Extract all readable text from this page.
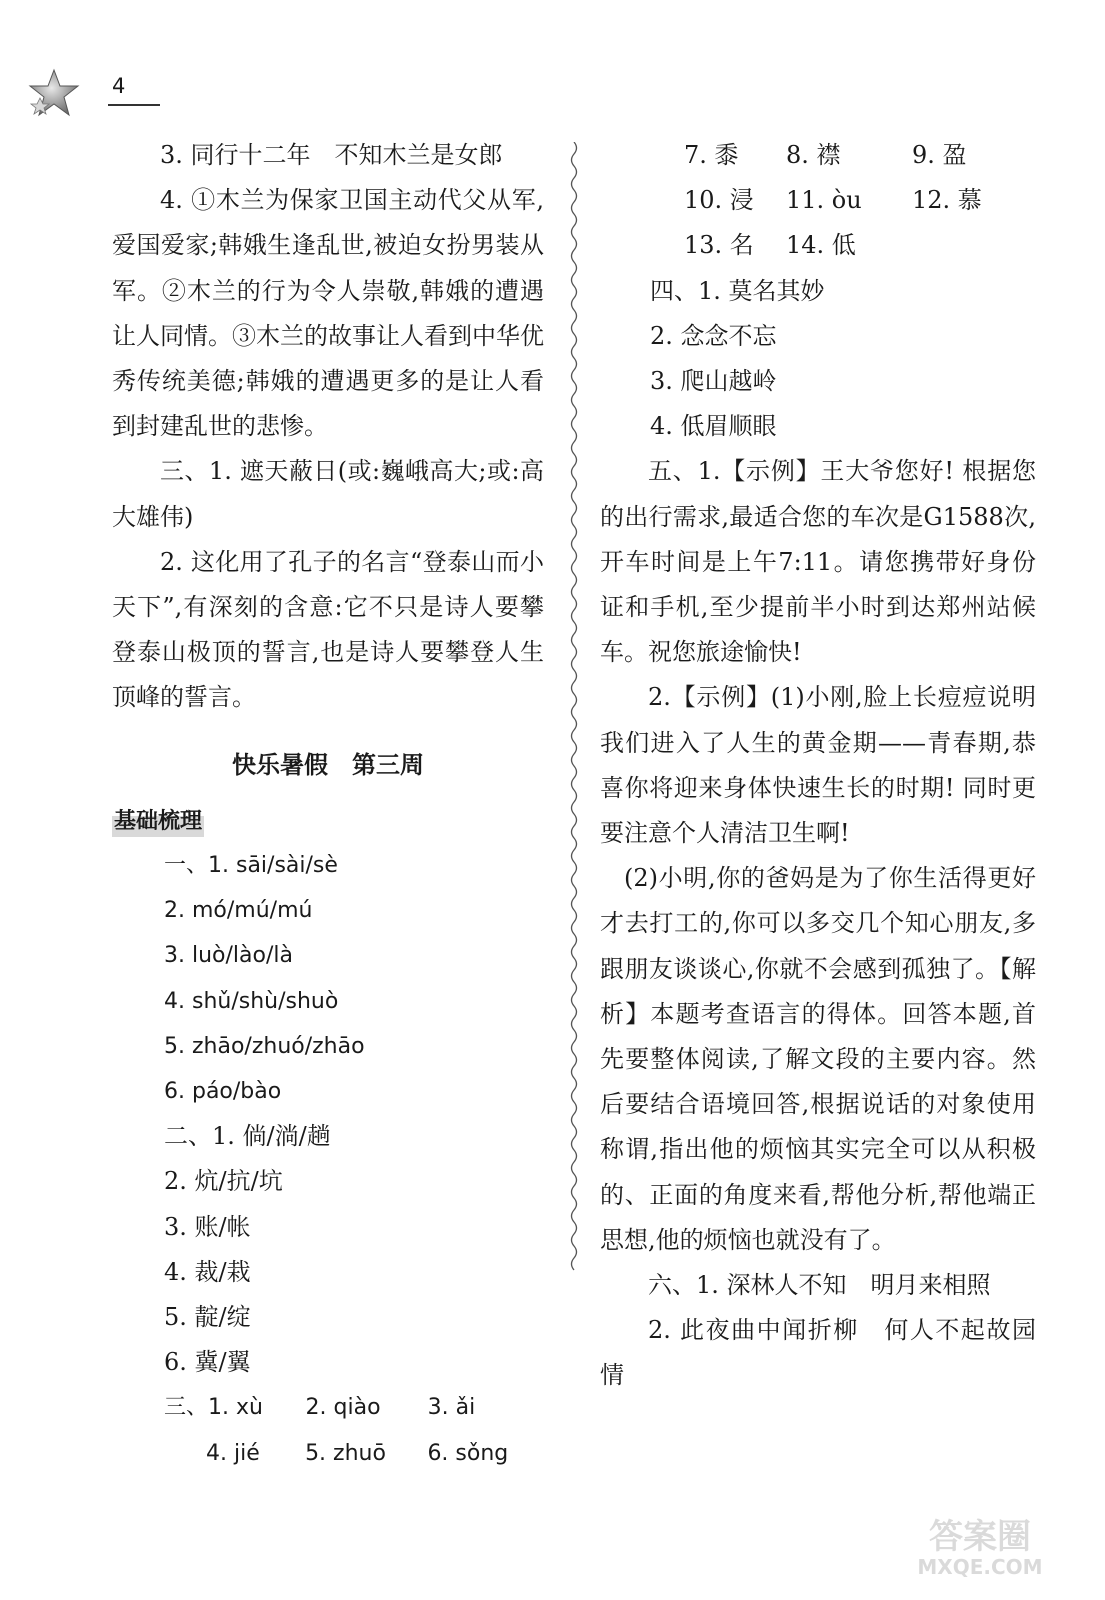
4

3. 同行十二年　不知木兰是女郎

4. ①木兰为保家卫国主动代父从军,爱国爱家;韩娥生逢乱世,被迫女扮男装从军。②木兰的行为令人崇敬,韩娥的遭遇让人同情。③木兰的故事让人看到中华优秀传统美德;韩娥的遭遇更多的是让人看到封建乱世的悲惨。

三、1. 遮天蔽日(或:巍峨高大;或:高大雄伟)

2. 这化用了孔子的名言“登泰山而小天下”,有深刻的含意:它不只是诗人要攀登泰山极顶的誓言,也是诗人要攀登人生顶峰的誓言。

快乐暑假　第三周
基础梳理
一、1. sāi/sài/sè
2. mó/mú/mú
3. luò/lào/là
4. shǔ/shù/shuò
5. zhāo/zhuó/zhāo
6. páo/bào
二、1. 倘/淌/趟
2. 炕/抗/坑
3. 账/帐
4. 裁/栽
5. 靛/绽
6. 冀/翼
三、1. xù	2. qiào	3. ǎi
4. jié	5. zhuō	6. sǒng
7. 黍	8. 襟	9. 盈
10. 浸	11. òu	12. 慕
13. 名	14. 低
四、1. 莫名其妙
2. 念念不忘
3. 爬山越岭
4. 低眉顺眼

五、1.【示例】王大爷您好! 根据您的出行需求,最适合您的车次是G1588次,开车时间是上午7:11。请您携带好身份证和手机,至少提前半小时到达郑州站候车。祝您旅途愉快!

2.【示例】(1)小刚,脸上长痘痘说明我们进入了人生的黄金期——青春期,恭喜你将迎来身体快速生长的时期! 同时更要注意个人清洁卫生啊!

(2)小明,你的爸妈是为了你生活得更好才去打工的,你可以多交几个知心朋友,多跟朋友谈谈心,你就不会感到孤独了。【解析】本题考查语言的得体。回答本题,首先要整体阅读,了解文段的主要内容。然后要结合语境回答,根据说话的对象使用称谓,指出他的烦恼其实完全可以从积极的、正面的角度来看,帮他分析,帮他端正思想,他的烦恼也就没有了。

六、1. 深林人不知　明月来相照

2. 此夜曲中闻折柳　何人不起故园情

答案圈
MXQE.COM
